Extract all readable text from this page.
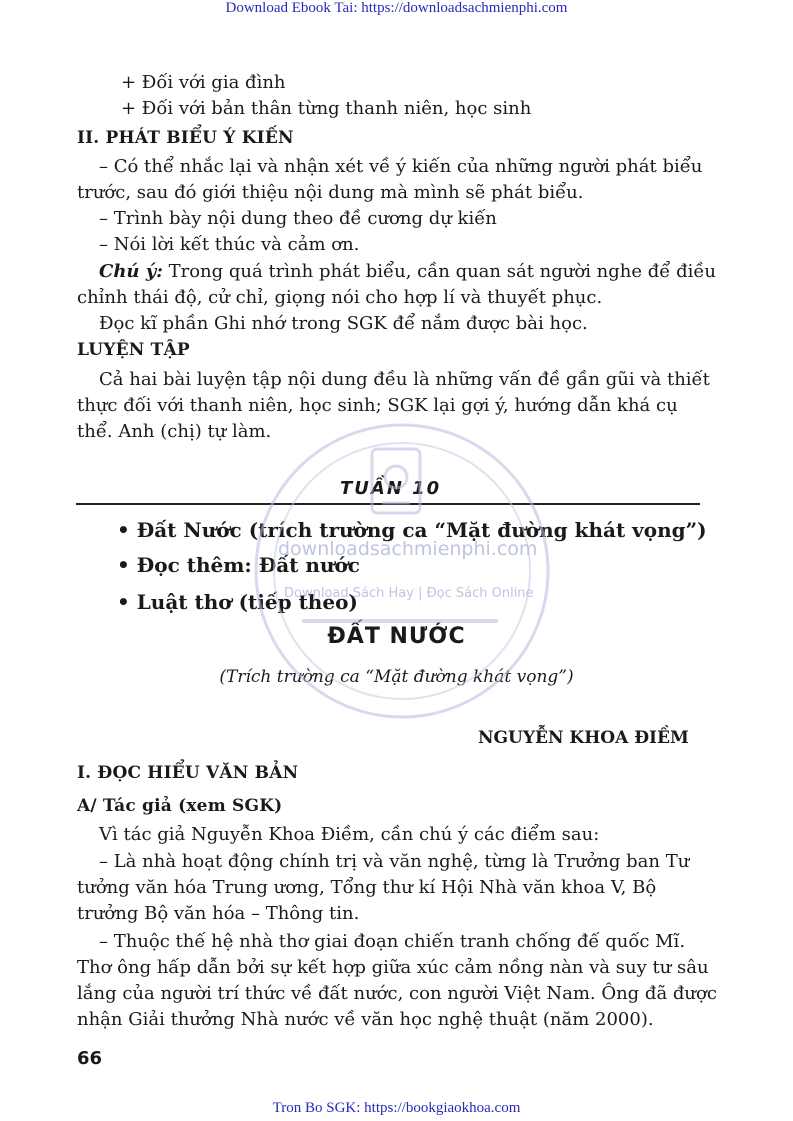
Download Ebook Tai: https://downloadsachmienphi.com
+ Đối với gia đình
+ Đối với bản thân từng thanh niên, học sinh
II. PHÁT BIỂU Ý KIẾN
– Có thể nhắc lại và nhận xét về ý kiến của những người phát biểu
trước, sau đó giới thiệu nội dung mà mình sẽ phát biểu.
– Trình bày nội dung theo đề cương dự kiến
– Nói lời kết thúc và cảm ơn.
Chú ý: Trong quá trình phát biểu, cần quan sát người nghe để điều
chỉnh thái độ, cử chỉ, giọng nói cho hợp lí và thuyết phục.
Đọc kĩ phần Ghi nhớ trong SGK để nắm được bài học.
LUYỆN TẬP
Cả hai bài luyện tập nội dung đều là những vấn đề gần gũi và thiết
thực đối với thanh niên, học sinh; SGK lại gợi ý, hướng dẫn khá cụ
thể. Anh (chị) tự làm.
TUẦN 10
• Đất Nước (trích trường ca “Mặt đường khát vọng”)
• Đọc thêm: Đất nước
• Luật thơ (tiếp theo)
ĐẤT NƯỚC
(Trích trường ca “Mặt đường khát vọng”)
NGUYỄN KHOA ĐIỀM
I. ĐỌC HIỂU VĂN BẢN
A/ Tác giả (xem SGK)
Vì tác giả Nguyễn Khoa Điềm, cần chú ý các điểm sau:
– Là nhà hoạt động chính trị và văn nghệ, từng là Trưởng ban Tư
tưởng văn hóa Trung ương, Tổng thư kí Hội Nhà văn khoa V, Bộ
trưởng Bộ văn hóa – Thông tin.
– Thuộc thế hệ nhà thơ giai đoạn chiến tranh chống đế quốc Mĩ.
Thơ ông hấp dẫn bởi sự kết hợp giữa xúc cảm nồng nàn và suy tư sâu
lắng của người trí thức về đất nước, con người Việt Nam. Ông đã được
nhận Giải thưởng Nhà nước về văn học nghệ thuật (năm 2000).
66
Tron Bo SGK: https://bookgiaokhoa.com
downloadsachmienphi.com
Download Sách Hay | Đọc Sách Online
